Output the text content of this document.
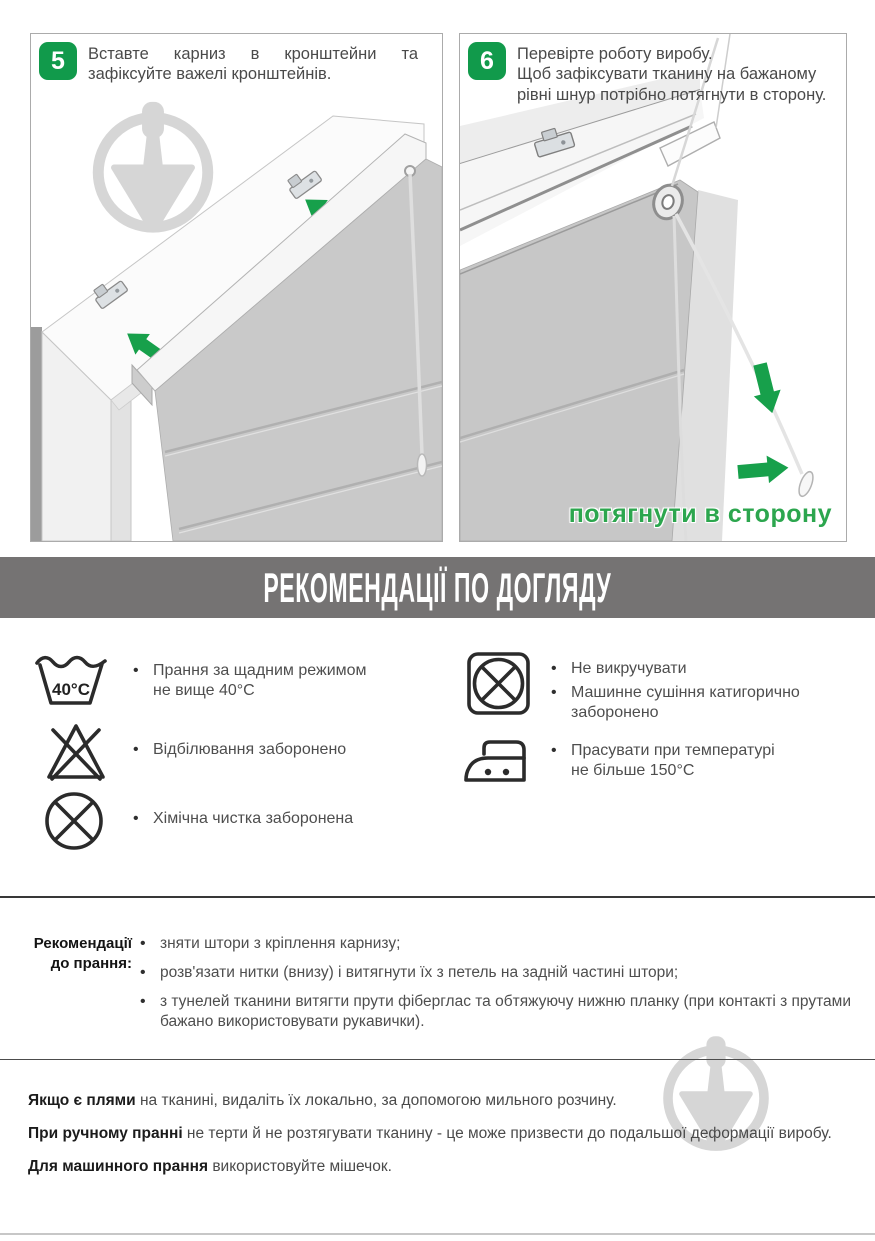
5	Вставте карниз в кронштейни та зафіксуйте важелі кронштейнів.	6	Перевірте роботу виробу.
Щоб зафіксувати тканину на бажаному рівні шнур потрібно потягнути в сторону.
потягнути в сторону
РЕКОМЕНДАЦІЇ ПО ДОГЛЯДУ
40°C
• Прання за щадним режимом не вище 40°С
• Відбілювання заборонено
• Хімічна чистка заборонена
• Не викручувати
• Машинне сушіння катигорично заборонено
• Прасувати при температурі не більше 150°С
Рекомендації
до прання:
• зняти штори з кріплення карнизу;
• розв'язати нитки (внизу) і витягнути їх з петель на задній частині штори;
• з тунелей тканини витягти прути фіберглас та обтяжуючу нижню планку (при контакті з прутами бажано використовувати рукавички).

Якщо є плями на тканині, видаліть їх локально, за допомогою мильного розчину.

При ручному пранні не терти й не розтягувати тканину - це може призвести до подальшої деформації виробу.

Для машинного прання використовуйте мішечок.
